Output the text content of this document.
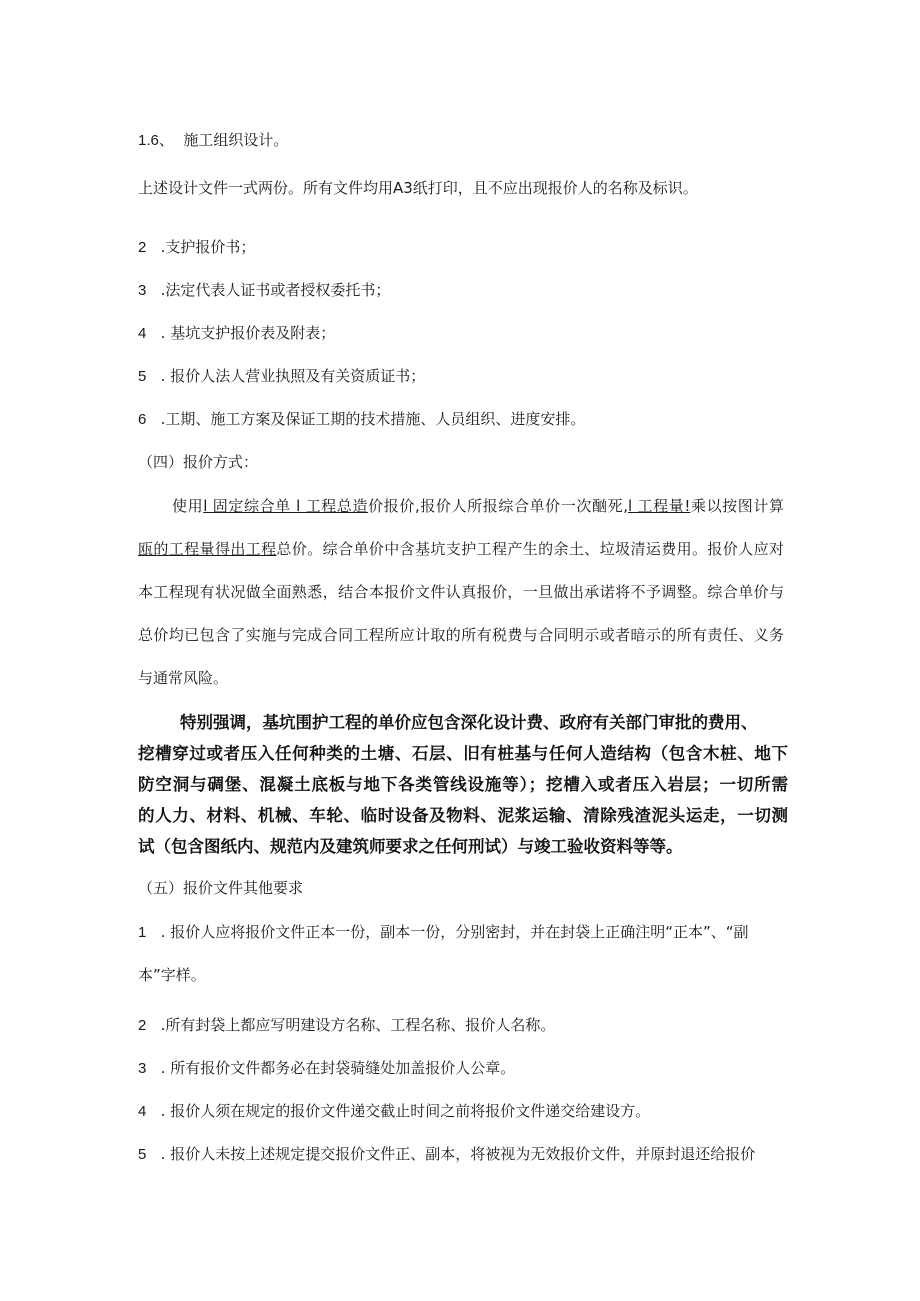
1.6、 施工组织设计。

上述设计文件一式两份。所有文件均用A3纸打印，且不应出现报价人的名称及标识。

2 .支护报价书；

3 .法定代表人证书或者授权委托书；

4 . 基坑支护报价表及附表；

5 . 报价人法人营业执照及有关资质证书；

6 .工期、施工方案及保证工期的技术措施、人员组织、进度安排。

（四）报价方式：

使用l 固定综合单 l 工程总造价报价,报价人所报综合单价一次酗死,l 工程量!乘以按图计算

瓯的工程量得出工程总价。综合单价中含基坑支护工程产生的余土、垃圾清运费用。报价人应对

本工程现有状况做全面熟悉，结合本报价文件认真报价，一旦做出承诺将不予调整。综合单价与

总价均已包含了实施与完成合同工程所应计取的所有税费与合同明示或者暗示的所有责任、义务

与通常风险。

特别强调，基坑围护工程的单价应包含深化设计费、政府有关部门审批的费用、

挖槽穿过或者压入任何种类的土塘、石层、旧有桩基与任何人造结构（包含木桩、地下

防空洞与碉堡、混凝土底板与地下各类管线设施等）；挖槽入或者压入岩层；一切所需

的人力、材料、机械、车轮、临时设备及物料、泥浆运输、清除残渣泥头运走，一切测

试（包含图纸内、规范内及建筑师要求之任何刑试）与竣工验收资料等等。

（五）报价文件其他要求

1 . 报价人应将报价文件正本一份，副本一份，分别密封，并在封袋上正确注明“正本”、“副

本”字样。

2 .所有封袋上都应写明建设方名称、工程名称、报价人名称。

3 . 所有报价文件都务必在封袋骑缝处加盖报价人公章。

4 . 报价人须在规定的报价文件递交截止时间之前将报价文件递交给建设方。

5 . 报价人未按上述规定提交报价文件正、副本，将被视为无效报价文件，并原封退还给报价
